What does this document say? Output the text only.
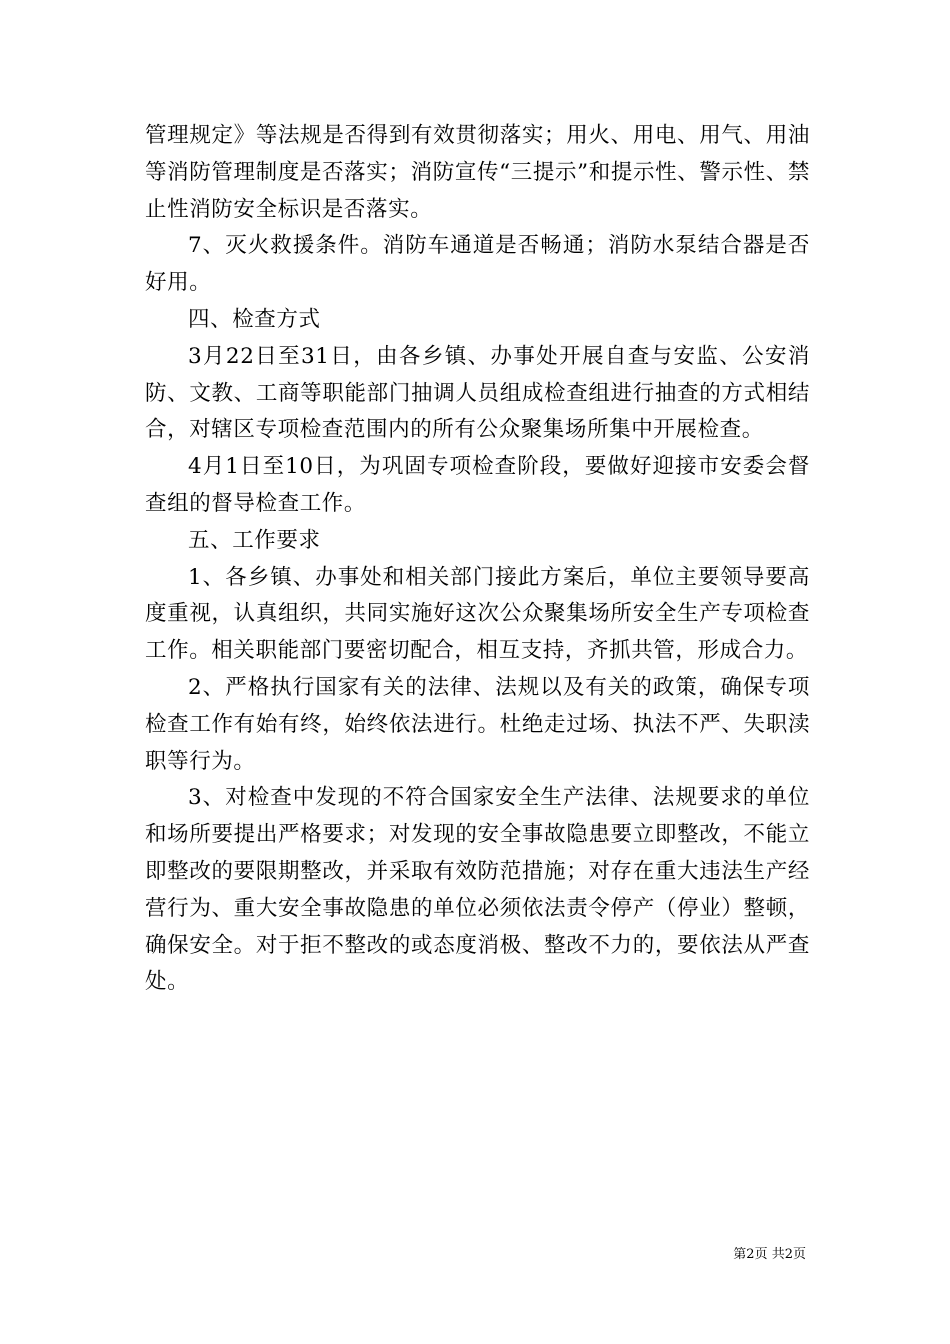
管理规定》等法规是否得到有效贯彻落实；用火、用电、用气、用油等消防管理制度是否落实；消防宣传“三提示”和提示性、警示性、禁止性消防安全标识是否落实。

7、灭火救援条件。消防车通道是否畅通；消防水泵结合器是否好用。

四、检查方式

3月22日至31日，由各乡镇、办事处开展自查与安监、公安消防、文教、工商等职能部门抽调人员组成检查组进行抽查的方式相结合，对辖区专项检查范围内的所有公众聚集场所集中开展检查。

4月1日至10日，为巩固专项检查阶段，要做好迎接市安委会督查组的督导检查工作。

五、工作要求

1、各乡镇、办事处和相关部门接此方案后，单位主要领导要高度重视，认真组织，共同实施好这次公众聚集场所安全生产专项检查工作。相关职能部门要密切配合，相互支持，齐抓共管，形成合力。

2、严格执行国家有关的法律、法规以及有关的政策，确保专项检查工作有始有终，始终依法进行。杜绝走过场、执法不严、失职渎职等行为。

3、对检查中发现的不符合国家安全生产法律、法规要求的单位和场所要提出严格要求；对发现的安全事故隐患要立即整改，不能立即整改的要限期整改，并采取有效防范措施；对存在重大违法生产经营行为、重大安全事故隐患的单位必须依法责令停产（停业）整顿，确保安全。对于拒不整改的或态度消极、整改不力的，要依法从严查处。

第2页 共2页
